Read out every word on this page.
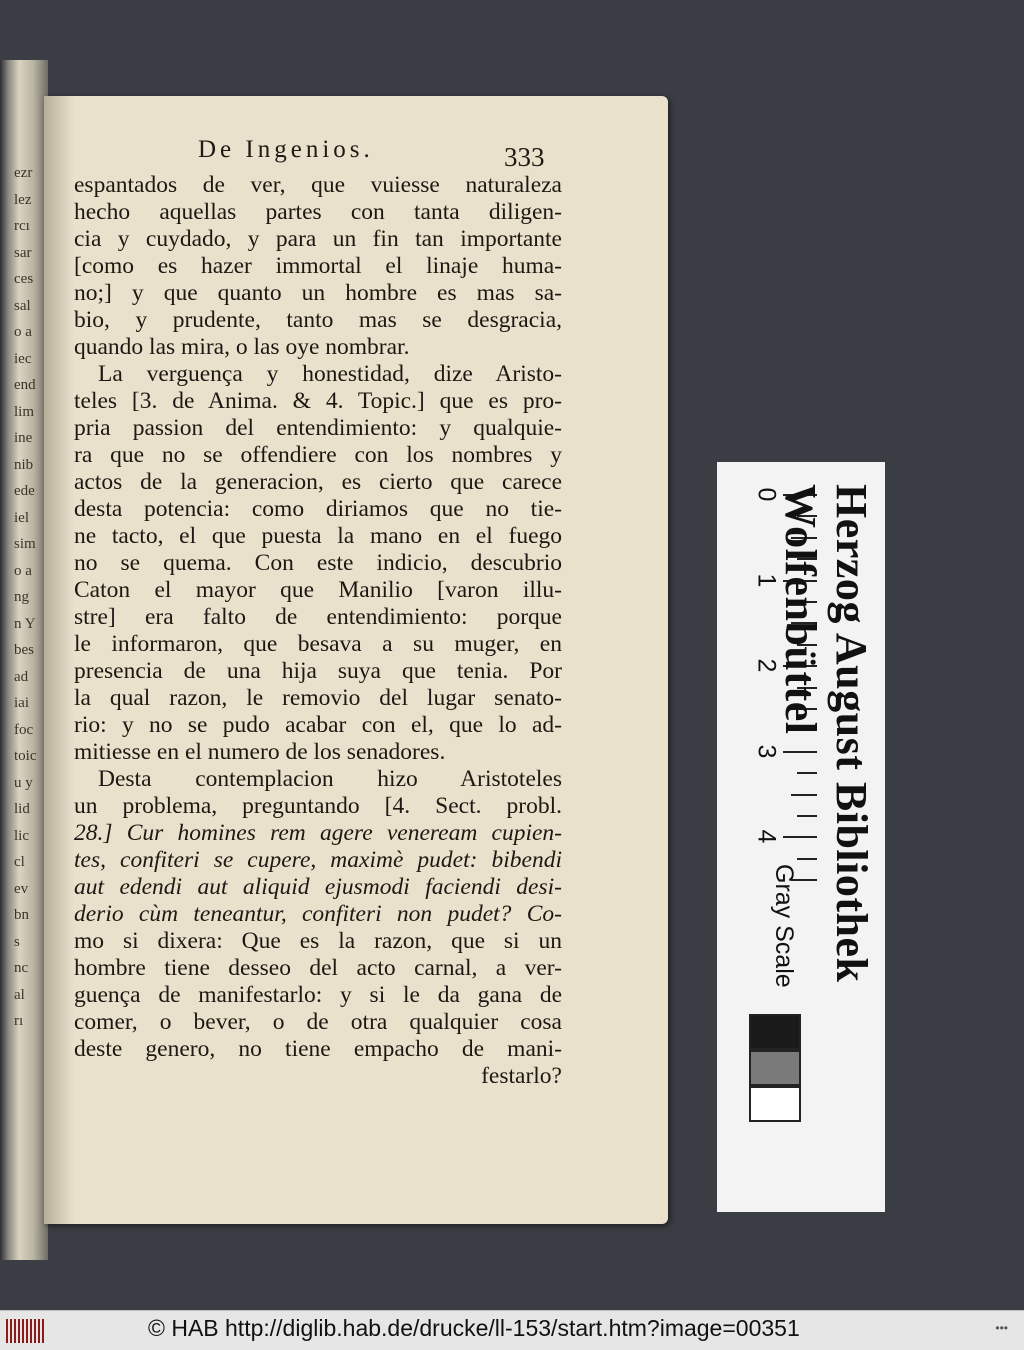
ezr
lez
rcı
sar
ces
sal
o a
iec
end
lim
ine
nib
ede
iel
sim
o a
ng
n Y
bes
ad
iai
foc
toic
u y
lid
lic
cl
ev
bn
s
nc
al
rı
De Ingenios.	333
espantados de ver, que vuiesse naturaleza
hecho aquellas partes con tanta diligen-
cia y cuydado, y para un fin tan importante
[como es hazer immortal el linaje huma-
no;] y que quanto un hombre es mas sa-
bio, y prudente, tanto mas se desgracia,
quando las mira, o las oye nombrar.
La verguença y honestidad, dize Aristo-
teles [3. de Anima. & 4. Topic.] que es pro-
pria passion del entendimiento: y qualquie-
ra que no se offendiere con los nombres y
actos de la generacion, es cierto que carece
desta potencia: como diriamos que no tie-
ne tacto, el que puesta la mano en el fuego
no se quema. Con este indicio, descubrio
Caton el mayor que Manilio [varon illu-
stre] era falto de entendimiento: porque
le informaron, que besava a su muger, en
presencia de una hija suya que tenia. Por
la qual razon, le removio del lugar senato-
rio: y no se pudo acabar con el, que lo ad-
mitiesse en el numero de los senadores.
Desta contemplacion hizo Aristoteles
un problema, preguntando [4. Sect. probl.
28.] Cur homines rem agere veneream cupien-
tes, confiteri se cupere, maximè pudet: bibendi
aut edendi aut aliquid ejusmodi faciendi desi-
derio cùm teneantur, confiteri non pudet? Co-
mo si dixera: Que es la razon, que si un
hombre tiene desseo del acto carnal, a ver-
guença de manifestarlo: y si le da gana de
comer, o bever, o de otra qualquier cosa
deste genero, no tiene empacho de mani-
festarlo?
0
1
2
3
4
Gray Scale Herzog August Bibliothek Wolfenbüttel
© HAB http://diglib.hab.de/drucke/ll-153/start.htm?image=00351	•••
